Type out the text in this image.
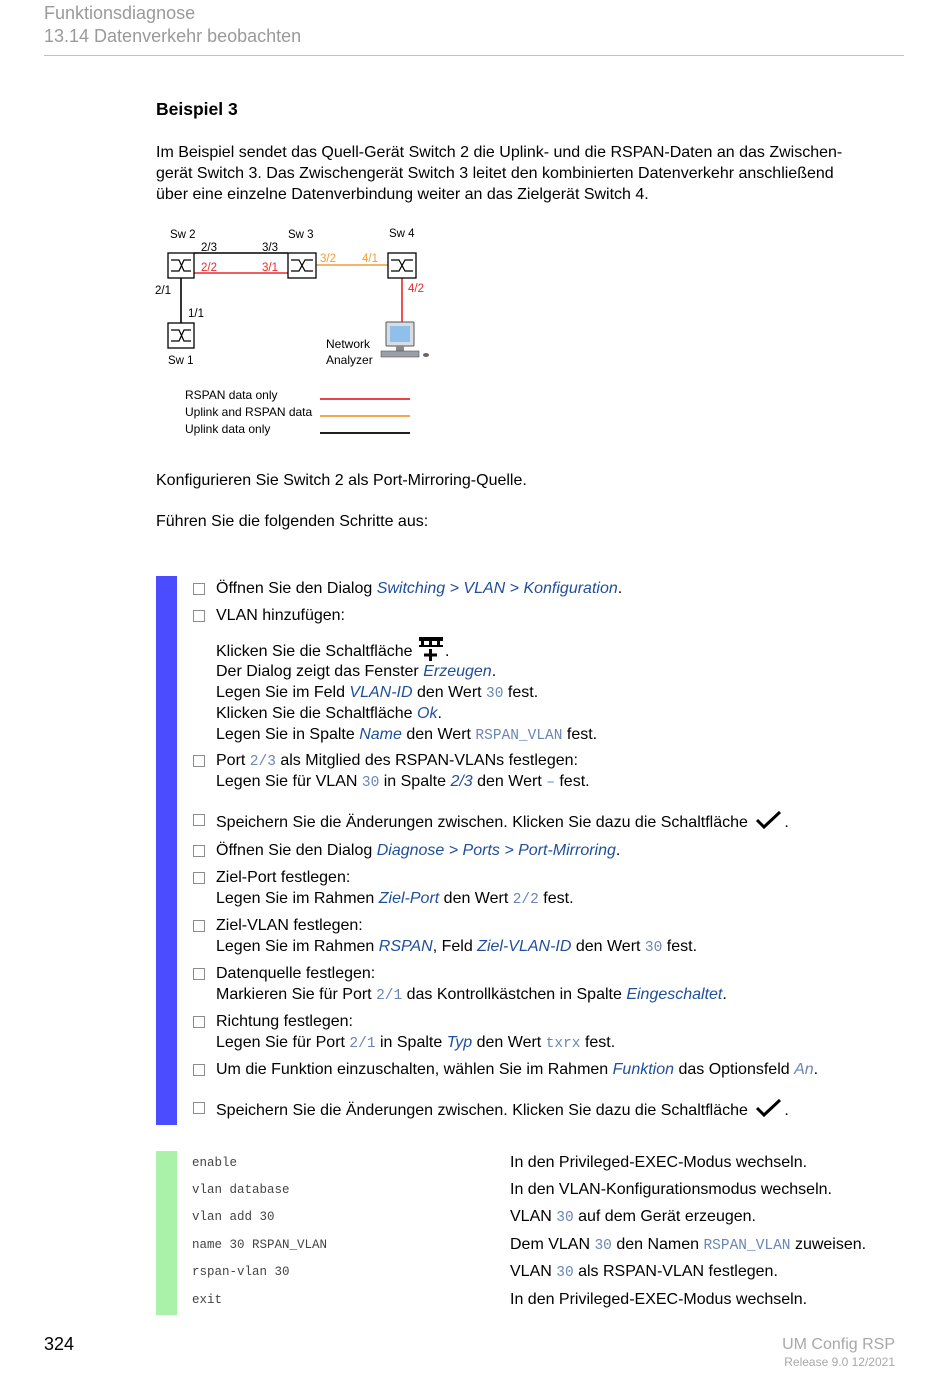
Funktionsdiagnose
13.14 Datenverkehr beobachten
Beispiel 3
Im Beispiel sendet das Quell-Gerät Switch 2 die Uplink- und die RSPAN-Daten an das Zwischen-
gerät Switch 3. Das Zwischengerät Switch 3 leitet den kombinierten Datenverkehr anschließend
über eine einzelne Datenverbindung weiter an das Zielgerät Switch 4.
Sw 2	Sw 3	Sw 4
Sw 1
Network
Analyzer
2/3	3/3
2/2	3/1
3/2 4/1
4/2
2/1
1/1
RSPAN data only
Uplink and RSPAN data
Uplink data only
Konfigurieren Sie Switch 2 als Port-Mirroring-Quelle.
Führen Sie die folgenden Schritte aus:
Öffnen Sie den Dialog Switching > VLAN > Konfiguration.
VLAN hinzufügen:
Klicken Sie die Schaltfläche .
Der Dialog zeigt das Fenster Erzeugen.
Legen Sie im Feld VLAN-ID den Wert 30 fest.
Klicken Sie die Schaltfläche Ok.
Legen Sie in Spalte Name den Wert RSPAN_VLAN fest.
Port 2/3 als Mitglied des RSPAN-VLANs festlegen:
Legen Sie für VLAN 30 in Spalte 2/3 den Wert – fest.
Speichern Sie die Änderungen zwischen. Klicken Sie dazu die Schaltfläche .
Öffnen Sie den Dialog Diagnose > Ports > Port-Mirroring.
Ziel-Port festlegen:
Legen Sie im Rahmen Ziel-Port den Wert 2/2 fest.
Ziel-VLAN festlegen:
Legen Sie im Rahmen RSPAN, Feld Ziel-VLAN-ID den Wert 30 fest.
Datenquelle festlegen:
Markieren Sie für Port 2/1 das Kontrollkästchen in Spalte Eingeschaltet.
Richtung festlegen:
Legen Sie für Port 2/1 in Spalte Typ den Wert txrx fest.
Um die Funktion einzuschalten, wählen Sie im Rahmen Funktion das Optionsfeld An.
Speichern Sie die Änderungen zwischen. Klicken Sie dazu die Schaltfläche .
enable	In den Privileged-EXEC-Modus wechseln.
vlan database	In den VLAN-Konfigurationsmodus wechseln.
vlan add 30	VLAN 30 auf dem Gerät erzeugen.
name 30 RSPAN_VLAN	Dem VLAN 30 den Namen RSPAN_VLAN zuweisen.
rspan-vlan 30	VLAN 30 als RSPAN-VLAN festlegen.
exit	In den Privileged-EXEC-Modus wechseln.
324	UM Config RSP
Release 9.0 12/2021
